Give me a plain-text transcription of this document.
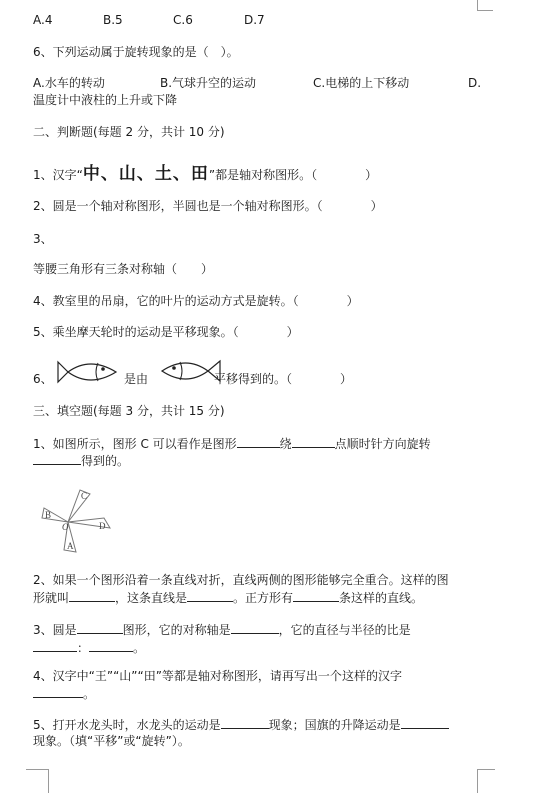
A.4	B.5	C.6	D.7
6、下列运动属于旋转现象的是（　）。
A.水车的转动	B.气球升空的运动	C.电梯的上下移动	D.
温度计中液柱的上升或下降
二、判断题(每题 2 分，共计 10 分)
1、汉字“中、山、土、田”都是轴对称图形。（　　　　）
2、圆是一个轴对称图形，半圆也是一个轴对称图形。（　　　　）
3、
等腰三角形有三条对称轴（　　）
4、教室里的吊扇，它的叶片的运动方式是旋转。（　　　　）
5、乘坐摩天轮时的运动是平移现象。（　　　　）
6、	是由	平移得到的。（　　　　）
三、填空题(每题 3 分，共计 15 分)
1、如图所示，图形 C 可以看作是图形	绕	点顺时针方向旋转
得到的。
C
B
O	D
A
2、如果一个图形沿着一条直线对折，直线两侧的图形能够完全重合。这样的图
形就叫	，这条直线是	。正方形有	条这样的直线。
3、圆是	图形，它的对称轴是	，它的直径与半径的比是
：	。
4、汉字中“王”“山”“田”等都是轴对称图形，请再写出一个这样的汉字
。
5、打开水龙头时，水龙头的运动是	现象；国旗的升降运动是
现象。（填“平移”或“旋转”）。
